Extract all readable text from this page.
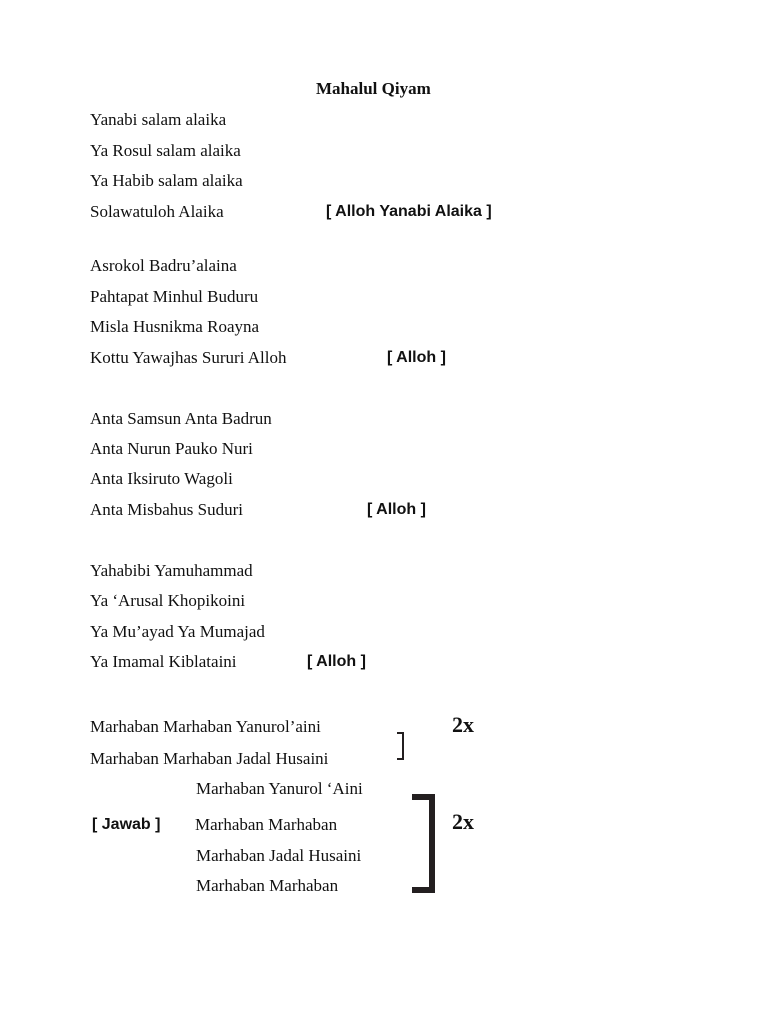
Mahalul Qiyam
Yanabi salam alaika
Ya Rosul salam alaika
Ya Habib salam alaika
Solawatuloh Alaika	[ Alloh Yanabi Alaika ]
Asrokol Badru’alaina
Pahtapat Minhul Buduru
Misla Husnikma Roayna
Kottu Yawajhas Sururi Alloh	[ Alloh ]
Anta Samsun Anta Badrun
Anta Nurun Pauko Nuri
Anta Iksiruto Wagoli
Anta Misbahus Suduri	[ Alloh ]
Yahabibi Yamuhammad
Ya ‘Arusal Khopikoini
Ya Mu’ayad Ya Mumajad
Ya Imamal Kiblataini	[ Alloh ]
Marhaban Marhaban Yanurol’aini
Marhaban Marhaban Jadal Husaini
2x
Marhaban Yanurol ‘Aini
[ Jawab ] Marhaban Marhaban
Marhaban Jadal Husaini
Marhaban Marhaban
2x
